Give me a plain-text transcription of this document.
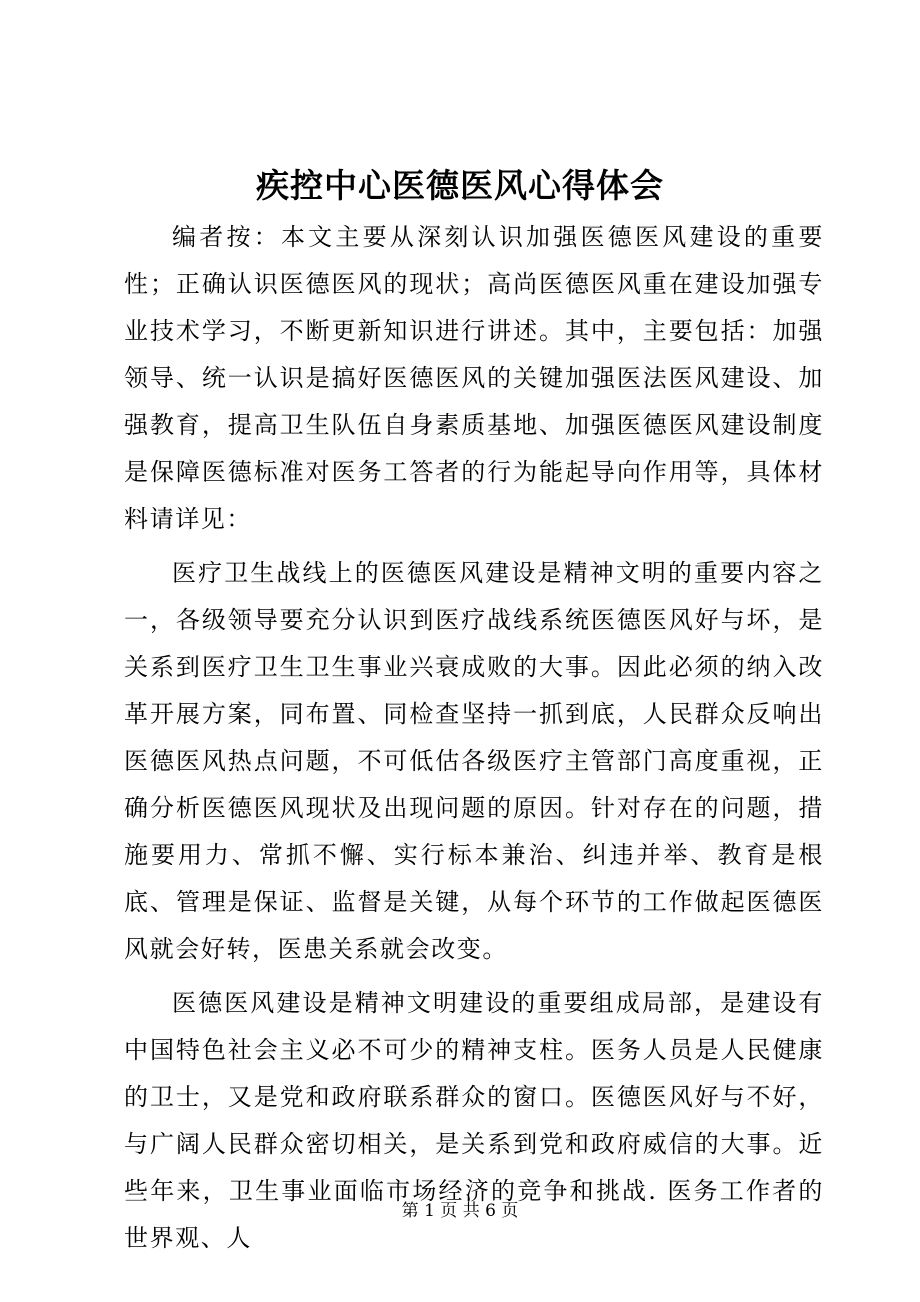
疾控中心医德医风心得体会

编者按：本文主要从深刻认识加强医德医风建设的重要性；正确认识医德医风的现状；高尚医德医风重在建设加强专业技术学习，不断更新知识进行讲述。其中，主要包括：加强领导、统一认识是搞好医德医风的关键加强医法医风建设、加强教育，提高卫生队伍自身素质基地、加强医德医风建设制度是保障医德标准对医务工答者的行为能起导向作用等，具体材料请详见：

医疗卫生战线上的医德医风建设是精神文明的重要内容之一，各级领导要充分认识到医疗战线系统医德医风好与坏，是关系到医疗卫生卫生事业兴衰成败的大事。因此必须的纳入改革开展方案，同布置、同检查坚持一抓到底，人民群众反响出医德医风热点问题，不可低估各级医疗主管部门高度重视，正确分析医德医风现状及出现问题的原因。针对存在的问题，措施要用力、常抓不懈、实行标本兼治、纠违并举、教育是根底、管理是保证、监督是关键，从每个环节的工作做起医德医风就会好转，医患关系就会改变。

医德医风建设是精神文明建设的重要组成局部，是建设有中国特色社会主义必不可少的精神支柱。医务人员是人民健康的卫士，又是党和政府联系群众的窗口。医德医风好与不好，与广阔人民群众密切相关，是关系到党和政府威信的大事。近些年来，卫生事业面临市场经济的竞争和挑战. 医务工作者的世界观、人

第 1 页 共 6 页
